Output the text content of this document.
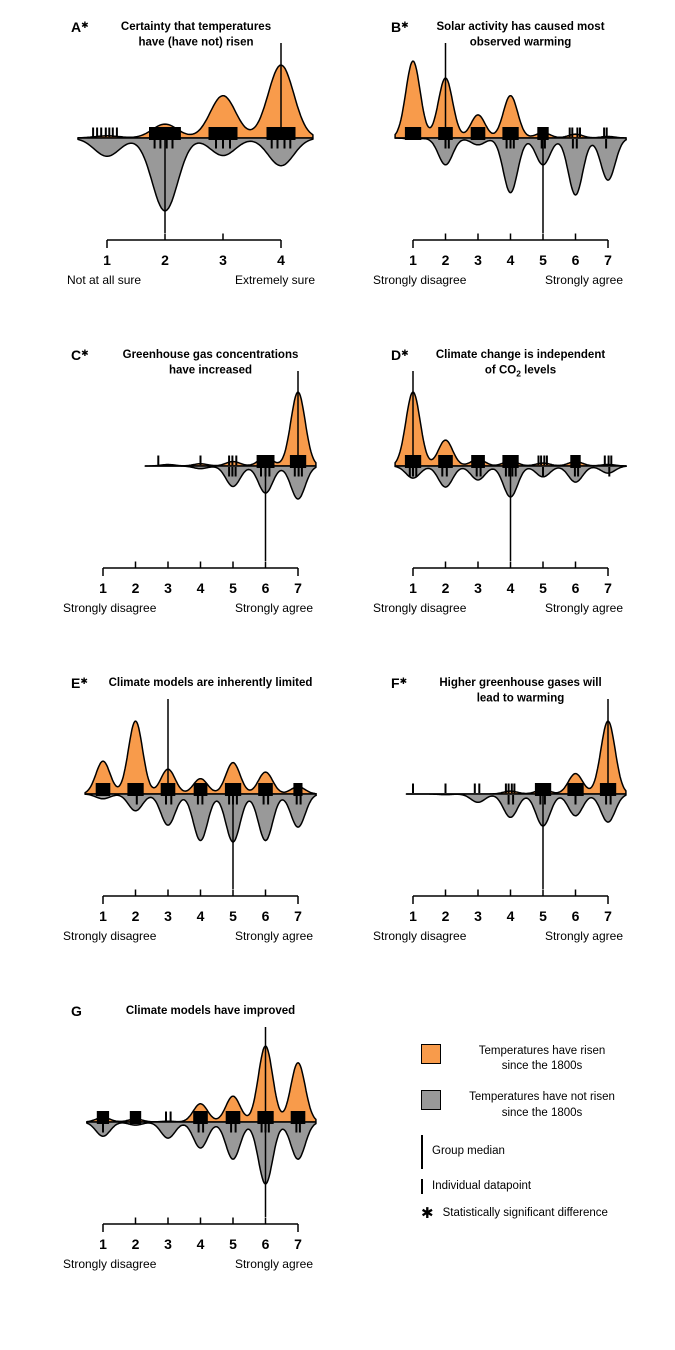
1	2	3	4
Not at all sure	Extremely sure
A✱	Certainty that temperatures
have (have not) risen
1 2 3 4 5 6 7
Strongly disagree	Strongly agree
B✱ Solar activity has caused most
observed warming
1 2 3 4 5 6 7
Strongly disagree	Strongly agree
C✱	Greenhouse gas concentrations
have increased
1 2 3 4 5 6 7
Strongly disagree	Strongly agree
D✱ Climate change is independent
of $CO_2$ levels
1 2 3 4 5 6 7
Strongly disagree	Strongly agree
E✱ Climate models are inherently limited
1 2 3 4 5 6 7
Strongly disagree	Strongly agree
F✱	Higher greenhouse gases will
lead to warming
1 2 3 4 5 6 7
Strongly disagree	Strongly agree
G	Climate models have improved
Temperatures have risen
since the 1800s
Temperatures have not risen
since the 1800s
Group median
Individual datapoint
✱ Statistically significant difference
